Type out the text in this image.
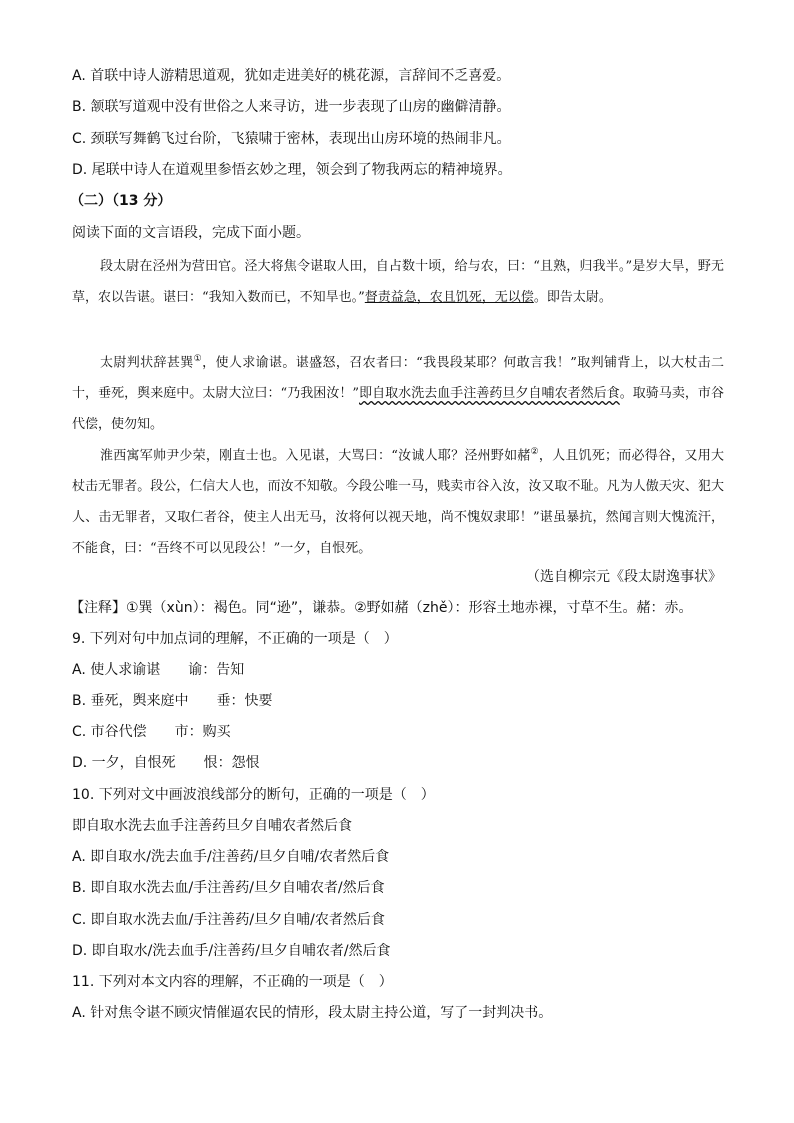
A. 首联中诗人游精思道观，犹如走进美好的桃花源，言辞间不乏喜爱。
B. 颔联写道观中没有世俗之人来寻访，进一步表现了山房的幽僻清静。
C. 颈联写舞鹤飞过台阶，飞猿啸于密林，表现出山房环境的热闹非凡。
D. 尾联中诗人在道观里参悟玄妙之理，领会到了物我两忘的精神境界。
（二）（13 分）
阅读下面的文言语段，完成下面小题。
段太尉在泾州为营田官。泾大将焦令谌取人田，自占数十顷，给与农，曰：“且熟，归我半。”是岁大旱，野无草，农以告谌。谌曰：“我知入数而已，不知旱也。”督责益急，农且饥死，无以偿。即告太尉。
太尉判状辞甚巽①，使人求谕谌。谌盛怒，召农者曰：“我畏段某耶？何敢言我！”取判铺背上，以大杖击二十，垂死，舆来庭中。太尉大泣曰：“乃我困汝！”即自取水洗去血手注善药旦夕自哺农者然后食。取骑马卖，市谷代偿，使勿知。
淮西寓军帅尹少荣，刚直士也。入见谌，大骂曰：“汝诚人耶？泾州野如赭②，人且饥死；而必得谷，又用大杖击无罪者。段公，仁信大人也，而汝不知敬。今段公唯一马，贱卖市谷入汝，汝又取不耻。凡为人傲天灾、犯大人、击无罪者，又取仁者谷，使主人出无马，汝将何以视天地，尚不愧奴隶耶！”谌虽暴抗，然闻言则大愧流汗，不能食，曰：“吾终不可以见段公！”一夕，自恨死。
（选自柳宗元《段太尉逸事状》
【注释】①巽（xùn）：褐色。同“逊”，谦恭。②野如赭（zhě）：形容土地赤裸，寸草不生。赭：赤。
9. 下列对句中加点词的理解，不正确的一项是（　）
A. 使人求谕谌　　谕：告知
B. 垂死，舆来庭中　　垂：快要
C. 市谷代偿　　市：购买
D. 一夕，自恨死　　恨：怨恨
10. 下列对文中画波浪线部分的断句，正确的一项是（　）
即自取水洗去血手注善药旦夕自哺农者然后食
A. 即自取水/洗去血手/注善药/旦夕自哺/农者然后食
B. 即自取水洗去血/手注善药/旦夕自哺农者/然后食
C. 即自取水洗去血/手注善药/旦夕自哺/农者然后食
D. 即自取水/洗去血手/注善药/旦夕自哺农者/然后食
11. 下列对本文内容的理解，不正确的一项是（　）
A. 针对焦令谌不顾灾情催逼农民的情形，段太尉主持公道，写了一封判决书。
